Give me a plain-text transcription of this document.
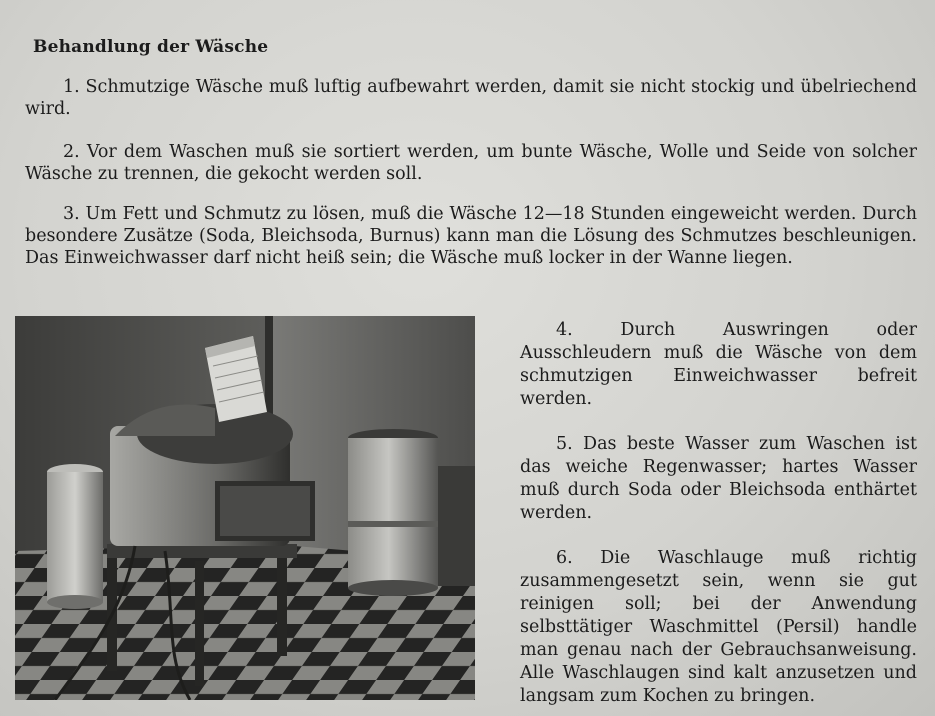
Behandlung der Wäsche

1. Schmutzige Wäsche muß luftig aufbewahrt werden, damit sie nicht stockig und übelriechend wird.

2. Vor dem Waschen muß sie sortiert werden, um bunte Wäsche, Wolle und Seide von solcher Wäsche zu trennen, die gekocht werden soll.

3. Um Fett und Schmutz zu lösen, muß die Wäsche 12—18 Stunden eingeweicht werden. Durch besondere Zusätze (Soda, Bleichsoda, Burnus) kann man die Lösung des Schmutzes beschleunigen. Das Einweichwasser darf nicht heiß sein; die Wäsche muß locker in der Wanne liegen.

4. Durch Auswringen oder Ausschleudern muß die Wäsche von dem schmutzigen Einweichwasser befreit werden.

5. Das beste Wasser zum Waschen ist das weiche Regenwasser; hartes Wasser muß durch Soda oder Bleichsoda enthärtet werden.

6. Die Waschlauge muß richtig zusammengesetzt sein, wenn sie gut reinigen soll; bei der Anwendung selbsttätiger Waschmittel (Persil) handle man genau nach der Gebrauchsanweisung. Alle Waschlaugen sind kalt anzusetzen und langsam zum Kochen zu bringen.
